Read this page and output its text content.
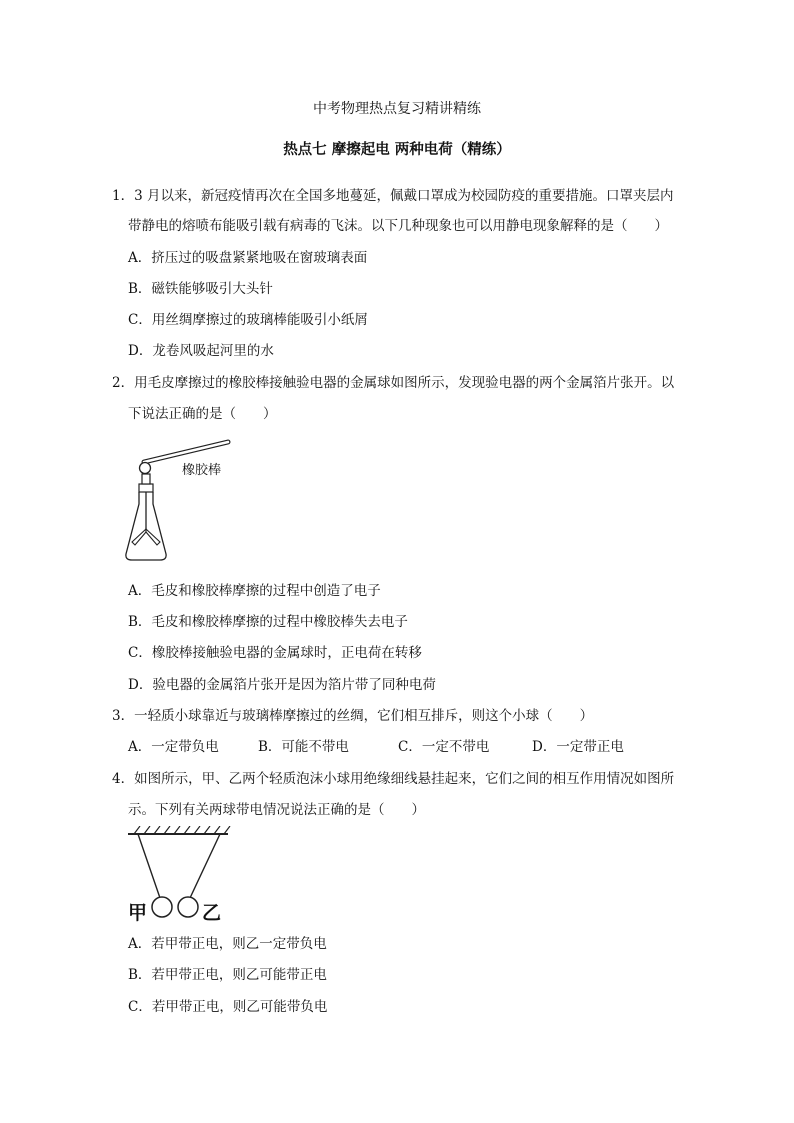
中考物理热点复习精讲精练
热点七 摩擦起电 两种电荷（精练）
1．3 月以来，新冠疫情再次在全国多地蔓延，佩戴口罩成为校园防疫的重要措施。口罩夹层内
带静电的熔喷布能吸引载有病毒的飞沫。以下几种现象也可以用静电现象解释的是（　　）
A．挤压过的吸盘紧紧地吸在窗玻璃表面
B．磁铁能够吸引大头针
C．用丝绸摩擦过的玻璃棒能吸引小纸屑
D．龙卷风吸起河里的水
2．用毛皮摩擦过的橡胶棒接触验电器的金属球如图所示，发现验电器的两个金属箔片张开。以
下说法正确的是（　　）
橡胶棒
A．毛皮和橡胶棒摩擦的过程中创造了电子
B．毛皮和橡胶棒摩擦的过程中橡胶棒失去电子
C．橡胶棒接触验电器的金属球时，正电荷在转移
D．验电器的金属箔片张开是因为箔片带了同种电荷
3．一轻质小球靠近与玻璃棒摩擦过的丝绸，它们相互排斥，则这个小球（　　）
A．一定带负电	B．可能不带电	C．一定不带电	D．一定带正电
4．如图所示，甲、乙两个轻质泡沫小球用绝缘细线悬挂起来，它们之间的相互作用情况如图所
示。下列有关两球带电情况说法正确的是（　　）
甲	乙
A．若甲带正电，则乙一定带负电
B．若甲带正电，则乙可能带正电
C．若甲带正电，则乙可能带负电
